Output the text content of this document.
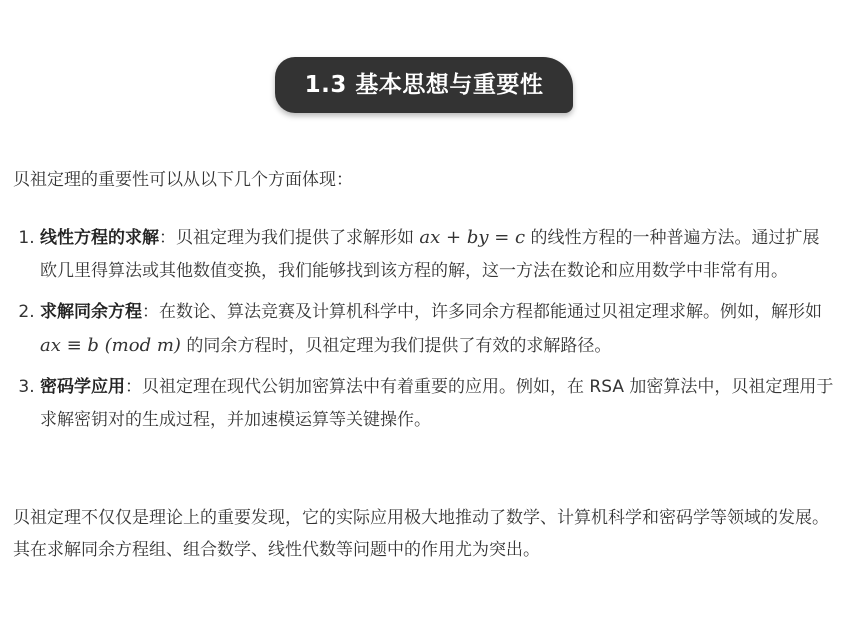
1.3 基本思想与重要性

贝祖定理的重要性可以从以下几个方面体现：

1. 线性方程的求解：贝祖定理为我们提供了求解形如 ax + by = c 的线性方程的一种普遍方法。通过扩展欧几里得算法或其他数值变换，我们能够找到该方程的解，这一方法在数论和应用数学中非常有用。
2. 求解同余方程：在数论、算法竞赛及计算机科学中，许多同余方程都能通过贝祖定理求解。例如，解形如 ax ≡ b (mod m) 的同余方程时，贝祖定理为我们提供了有效的求解路径。
3. 密码学应用：贝祖定理在现代公钥加密算法中有着重要的应用。例如，在 RSA 加密算法中，贝祖定理用于求解密钥对的生成过程，并加速模运算等关键操作。

贝祖定理不仅仅是理论上的重要发现，它的实际应用极大地推动了数学、计算机科学和密码学等领域的发展。其在求解同余方程组、组合数学、线性代数等问题中的作用尤为突出。
